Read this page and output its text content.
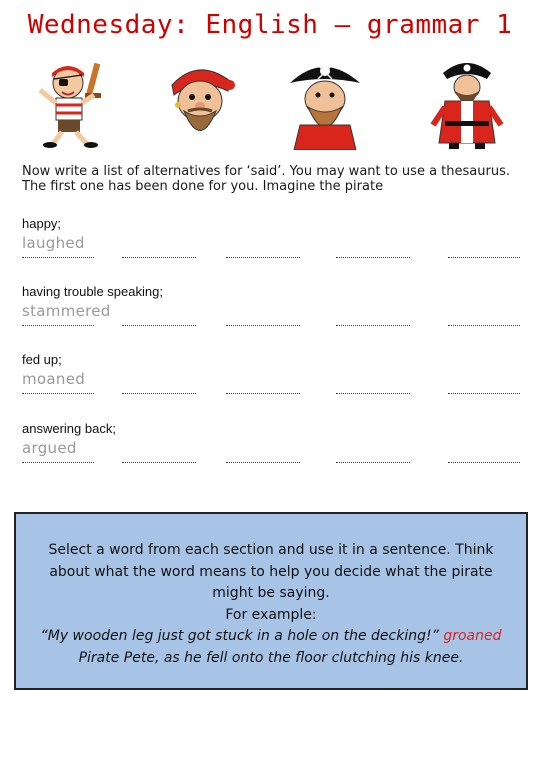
Wednesday: English – grammar 1
Now write a list of alternatives for ‘said’. You may want to use a thesaurus. The first one has been done for you. Imagine the pirate
happy;
laughed
having trouble speaking;
stammered
fed up;
moaned
answering back;
argued
Select a word from each section and use it in a sentence. Think about what the word means to help you decide what the pirate might be saying.
For example:
“My wooden leg just got stuck in a hole on the decking!” groaned
Pirate Pete, as he fell onto the floor clutching his knee.
